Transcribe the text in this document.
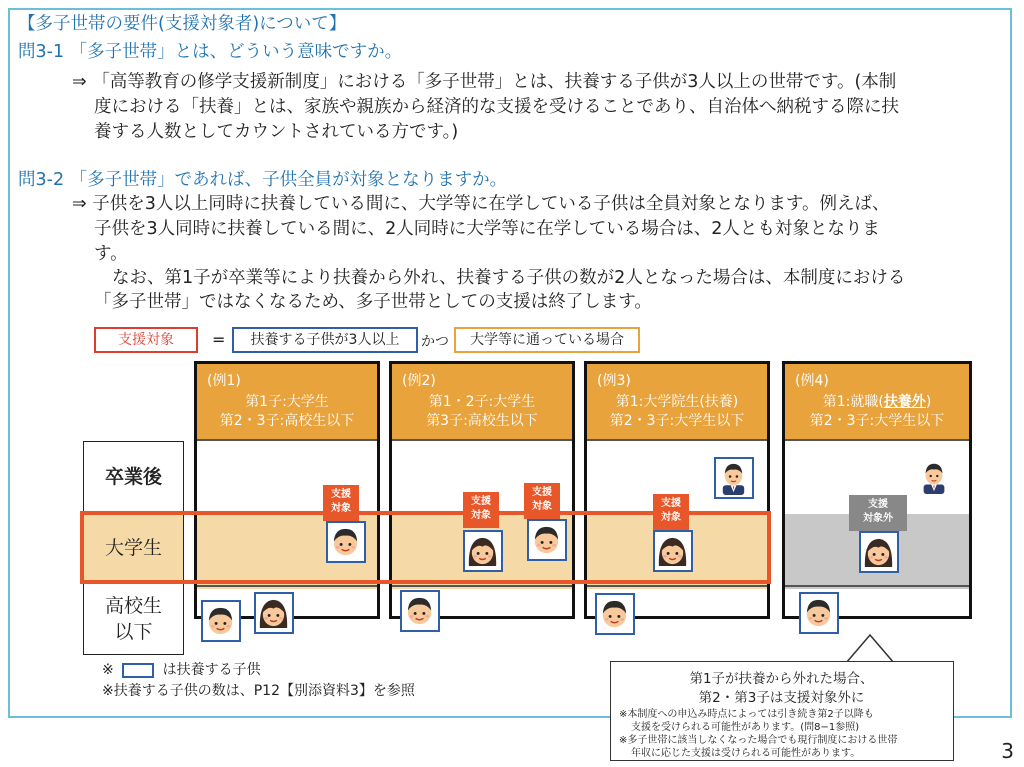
【多子世帯の要件(支援対象者)について】
問3-1 「多子世帯」とは、どういう意味ですか。
⇒ 「高等教育の修学支援新制度」における「多子世帯」とは、扶養する子供が3人以上の世帯です。(本制
度における「扶養」とは、家族や親族から経済的な支援を受けることであり、自治体へ納税する際に扶
養する人数としてカウントされている方です。)
問3-2 「多子世帯」であれば、子供全員が対象となりますか。
⇒ 子供を3人以上同時に扶養している間に、大学等に在学している子供は全員対象となります。例えば、
子供を3人同時に扶養している間に、2人同時に大学等に在学している場合は、2人とも対象となりま
す。
なお、第1子が卒業等により扶養から外れ、扶養する子供の数が2人となった場合は、本制度における
「多子世帯」ではなくなるため、多子世帯としての支援は終了します。
支援対象	=	扶養する子供が3人以上	かつ	大学等に通っている場合
卒業後
大学生
高校生
以下
(例1)
第1子:大学生
第2・3子:高校生以下
(例2)
第1・2子:大学生
第3子:高校生以下
(例3)
第1:大学院生(扶養)
第2・3子:大学生以下
(例4)
第1:就職(扶養外)
第2・3子:大学生以下
支援
対象
支援
対象
支援
対象	支援
対象
支援
対象外
※	は扶養する子供
※扶養する子供の数は、P12【別添資料3】を参照
第1子が扶養から外れた場合、
第2・第3子は支援対象外に
※本制度への申込み時点によっては引き続き第2子以降も
支援を受けられる可能性があります。(問8−1参照)
※多子世帯に該当しなくなった場合でも現行制度における世帯
年収に応じた支援は受けられる可能性があります。	3
